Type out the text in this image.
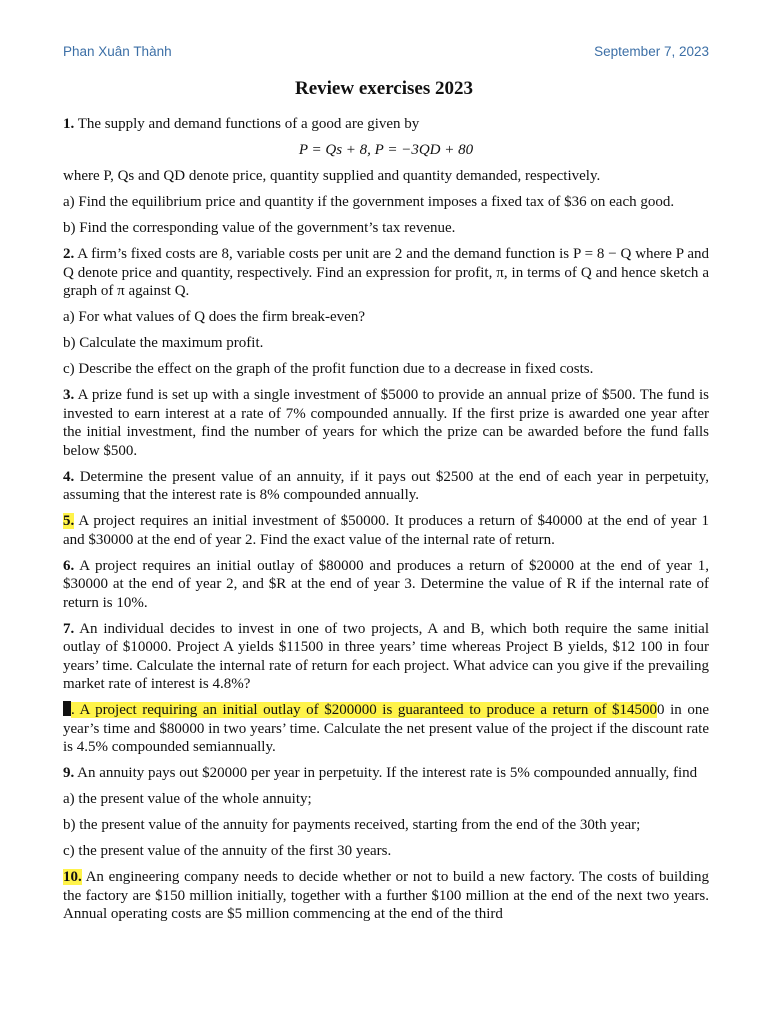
Phan Xuân Thành	September 7, 2023
Review exercises 2023

1. The supply and demand functions of a good are given by

P = Qs + 8, P = −3QD + 80

where P, Qs and QD denote price, quantity supplied and quantity demanded, respectively.

a) Find the equilibrium price and quantity if the government imposes a fixed tax of $36 on each good.

b) Find the corresponding value of the government’s tax revenue.

2. A firm’s fixed costs are 8, variable costs per unit are 2 and the demand function is P = 8 − Q where P and Q denote price and quantity, respectively. Find an expression for profit, π, in terms of Q and hence sketch a graph of π against Q.

a) For what values of Q does the firm break-even?

b) Calculate the maximum profit.

c) Describe the effect on the graph of the profit function due to a decrease in fixed costs.

3. A prize fund is set up with a single investment of $5000 to provide an annual prize of $500. The fund is invested to earn interest at a rate of 7% compounded annually. If the first prize is awarded one year after the initial investment, find the number of years for which the prize can be awarded before the fund falls below $500.

4. Determine the present value of an annuity, if it pays out $2500 at the end of each year in perpetuity, assuming that the interest rate is 8% compounded annually.

5. A project requires an initial investment of $50000. It produces a return of $40000 at the end of year 1 and $30000 at the end of year 2. Find the exact value of the internal rate of return.

6. A project requires an initial outlay of $80000 and produces a return of $20000 at the end of year 1, $30000 at the end of year 2, and $R at the end of year 3. Determine the value of R if the internal rate of return is 10%.

7. An individual decides to invest in one of two projects, A and B, which both require the same initial outlay of $10000. Project A yields $11500 in three years’ time whereas Project B yields, $12 100 in four years’ time. Calculate the internal rate of return for each project. What advice can you give if the prevailing market rate of interest is 4.8%?

. A project requiring an initial outlay of $200000 is guaranteed to produce a return of $145000 in one year’s time and $80000 in two years’ time. Calculate the net present value of the project if the discount rate is 4.5% compounded semiannually.

9. An annuity pays out $20000 per year in perpetuity. If the interest rate is 5% compounded annually, find

a) the present value of the whole annuity;

b) the present value of the annuity for payments received, starting from the end of the 30th year;

c) the present value of the annuity of the first 30 years.

10. An engineering company needs to decide whether or not to build a new factory. The costs of building the factory are $150 million initially, together with a further $100 million at the end of the next two years. Annual operating costs are $5 million commencing at the end of the third
